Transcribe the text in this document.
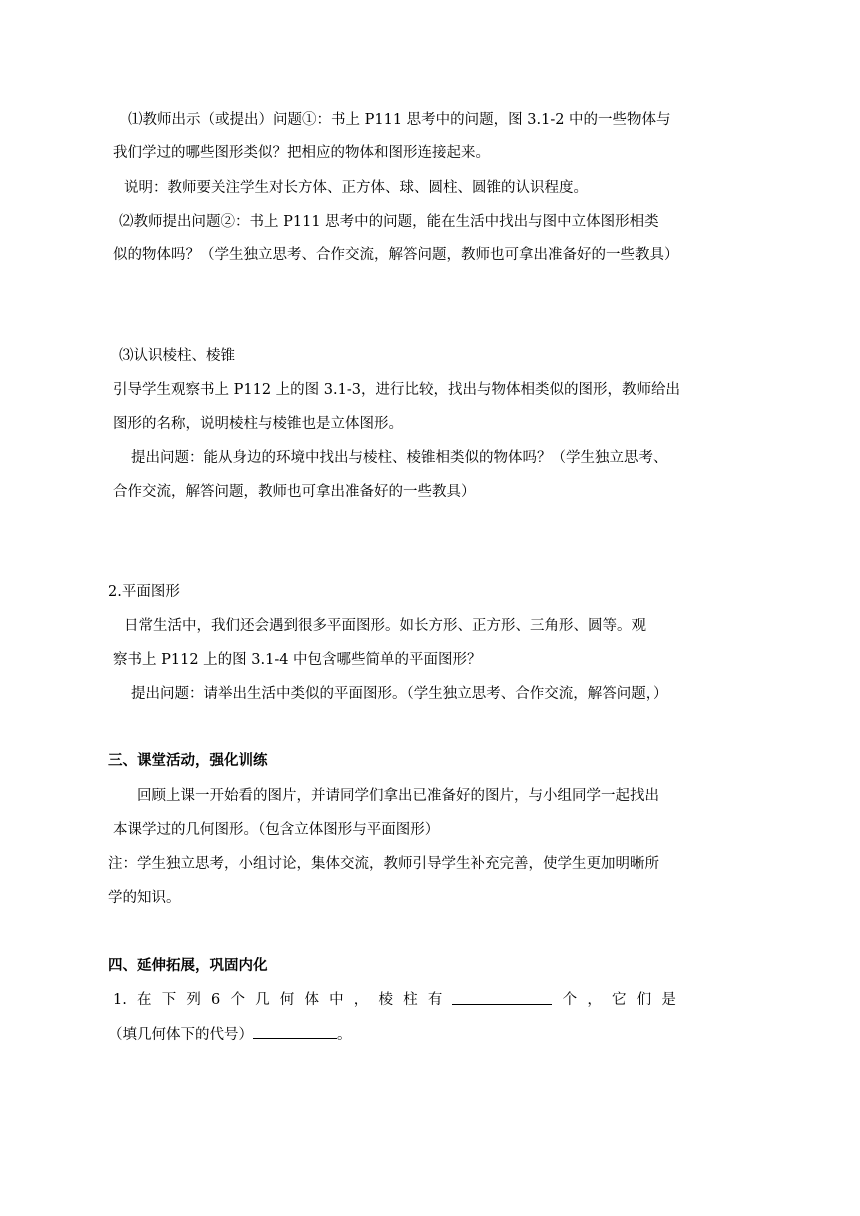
⑴教师出示（或提出）问题①：书上 P111 思考中的问题，图 3.1-2 中的一些物体与
我们学过的哪些图形类似？把相应的物体和图形连接起来。
说明：教师要关注学生对长方体、正方体、球、圆柱、圆锥的认识程度。
⑵教师提出问题②：书上 P111 思考中的问题，能在生活中找出与图中立体图形相类
似的物体吗？（学生独立思考、合作交流，解答问题，教师也可拿出准备好的一些教具）
⑶认识棱柱、棱锥
引导学生观察书上 P112 上的图 3.1-3，进行比较，找出与物体相类似的图形，教师给出
图形的名称，说明棱柱与棱锥也是立体图形。
提出问题：能从身边的环境中找出与棱柱、棱锥相类似的物体吗？（学生独立思考、
合作交流，解答问题，教师也可拿出准备好的一些教具）
2.平面图形
日常生活中，我们还会遇到很多平面图形。如长方形、正方形、三角形、圆等。观
察书上 P112 上的图 3.1-4 中包含哪些简单的平面图形？
提出问题：请举出生活中类似的平面图形。（学生独立思考、合作交流，解答问题，）
三、课堂活动，强化训练
回顾上课一开始看的图片，并请同学们拿出已准备好的图片，与小组同学一起找出
本课学过的几何图形。（包含立体图形与平面图形）
注：学生独立思考，小组讨论，集体交流，教师引导学生补充完善，使学生更加明晰所
学的知识。
四、延伸拓展，巩固内化
1. 在 下 列 6 个 几 何 体 中 ， 棱 柱 有	个 ， 它 们 是
（填几何体下的代号）	。
